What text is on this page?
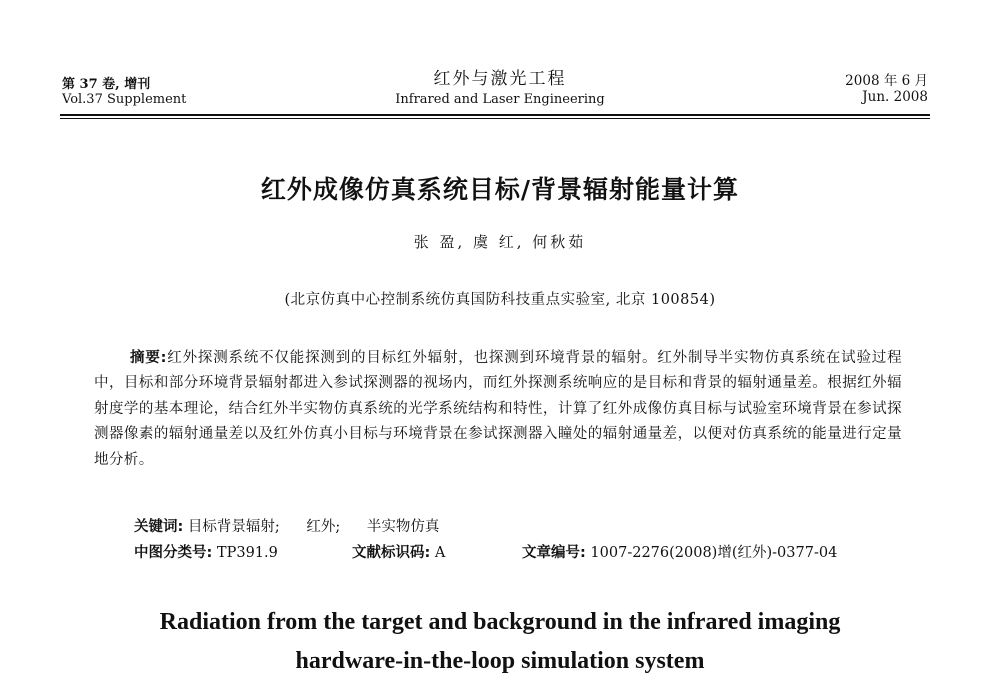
第 37 卷, 增刊
Vol.37 Supplement
红外与激光工程
Infrared and Laser Engineering
2008 年 6 月
Jun. 2008
红外成像仿真系统目标/背景辐射能量计算
张 盈, 虞 红, 何秋茹
(北京仿真中心控制系统仿真国防科技重点实验室, 北京 100854)
摘要:红外探测系统不仅能探测到的目标红外辐射，也探测到环境背景的辐射。红外制导半实物仿真系统在试验过程中，目标和部分环境背景辐射都进入参试探测器的视场内，而红外探测系统响应的是目标和背景的辐射通量差。根据红外辐射度学的基本理论，结合红外半实物仿真系统的光学系统结构和特性，计算了红外成像仿真目标与试验室环境背景在参试探测器像素的辐射通量差以及红外仿真小目标与环境背景在参试探测器入瞳处的辐射通量差，以便对仿真系统的能量进行定量地分析。
关键词: 目标背景辐射; 红外; 半实物仿真
中图分类号: TP391.9	文献标识码: A	文章编号: 1007-2276(2008)增(红外)-0377-04
Radiation from the target and background in the infrared imaging
hardware-in-the-loop simulation system
